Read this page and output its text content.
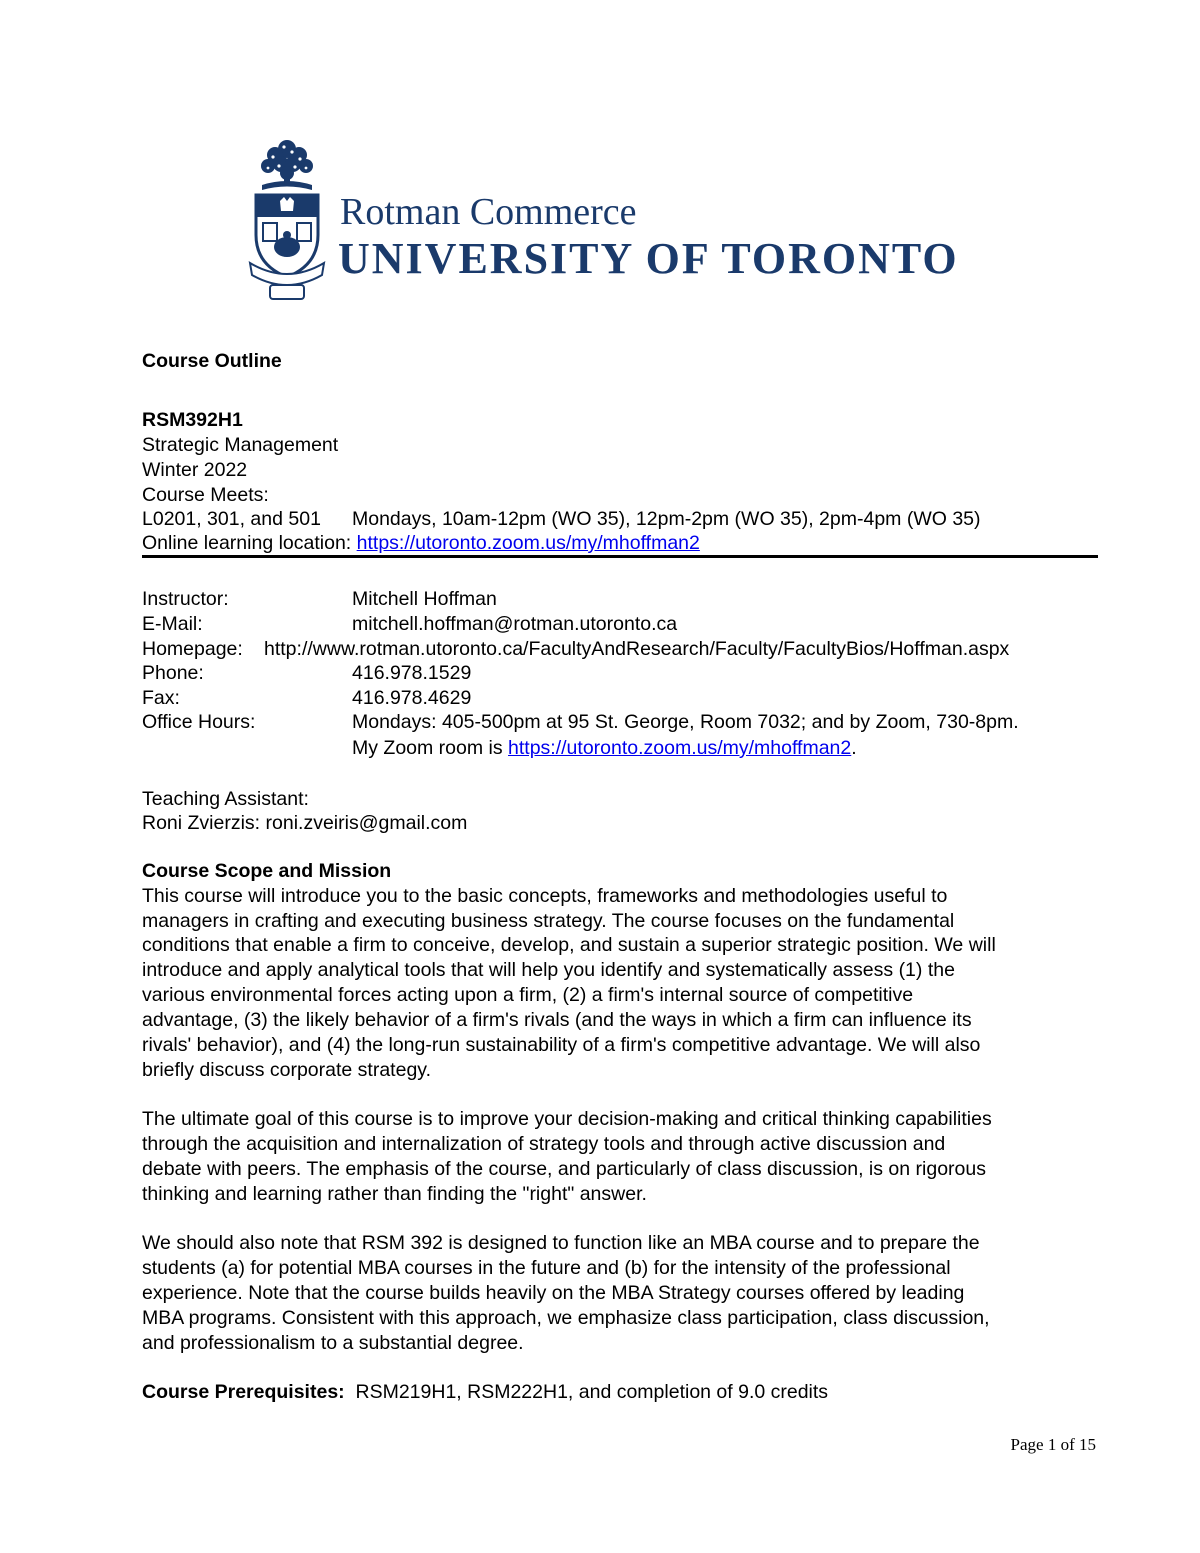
Rotman Commerce
UNIVERSITY OF TORONTO
Course Outline
RSM392H1
Strategic Management
Winter 2022
Course Meets:
L0201, 301, and 501 Mondays, 10am-12pm (WO 35), 12pm-2pm (WO 35), 2pm-4pm (WO 35)
Online learning location: https://utoronto.zoom.us/my/mhoffman2
Instructor:	Mitchell Hoffman
E-Mail:	mitchell.hoffman@rotman.utoronto.ca
Homepage: http://www.rotman.utoronto.ca/FacultyAndResearch/Faculty/FacultyBios/Hoffman.aspx
Phone:	416.978.1529
Fax:	416.978.4629
Office Hours:	Mondays: 405-500pm at 95 St. George, Room 7032; and by Zoom, 730-8pm.
My Zoom room is https://utoronto.zoom.us/my/mhoffman2.
Teaching Assistant:
Roni Zvierzis: roni.zveiris@gmail.com
Course Scope and Mission
This course will introduce you to the basic concepts, frameworks and methodologies useful to
managers in crafting and executing business strategy. The course focuses on the fundamental
conditions that enable a firm to conceive, develop, and sustain a superior strategic position. We will
introduce and apply analytical tools that will help you identify and systematically assess (1) the
various environmental forces acting upon a firm, (2) a firm's internal source of competitive
advantage, (3) the likely behavior of a firm's rivals (and the ways in which a firm can influence its
rivals' behavior), and (4) the long-run sustainability of a firm's competitive advantage. We will also
briefly discuss corporate strategy.
The ultimate goal of this course is to improve your decision-making and critical thinking capabilities
through the acquisition and internalization of strategy tools and through active discussion and
debate with peers. The emphasis of the course, and particularly of class discussion, is on rigorous
thinking and learning rather than finding the "right" answer.
We should also note that RSM 392 is designed to function like an MBA course and to prepare the
students (a) for potential MBA courses in the future and (b) for the intensity of the professional
experience. Note that the course builds heavily on the MBA Strategy courses offered by leading
MBA programs. Consistent with this approach, we emphasize class participation, class discussion,
and professionalism to a substantial degree.
Course Prerequisites:  RSM219H1, RSM222H1, and completion of 9.0 credits
Page 1 of 15
